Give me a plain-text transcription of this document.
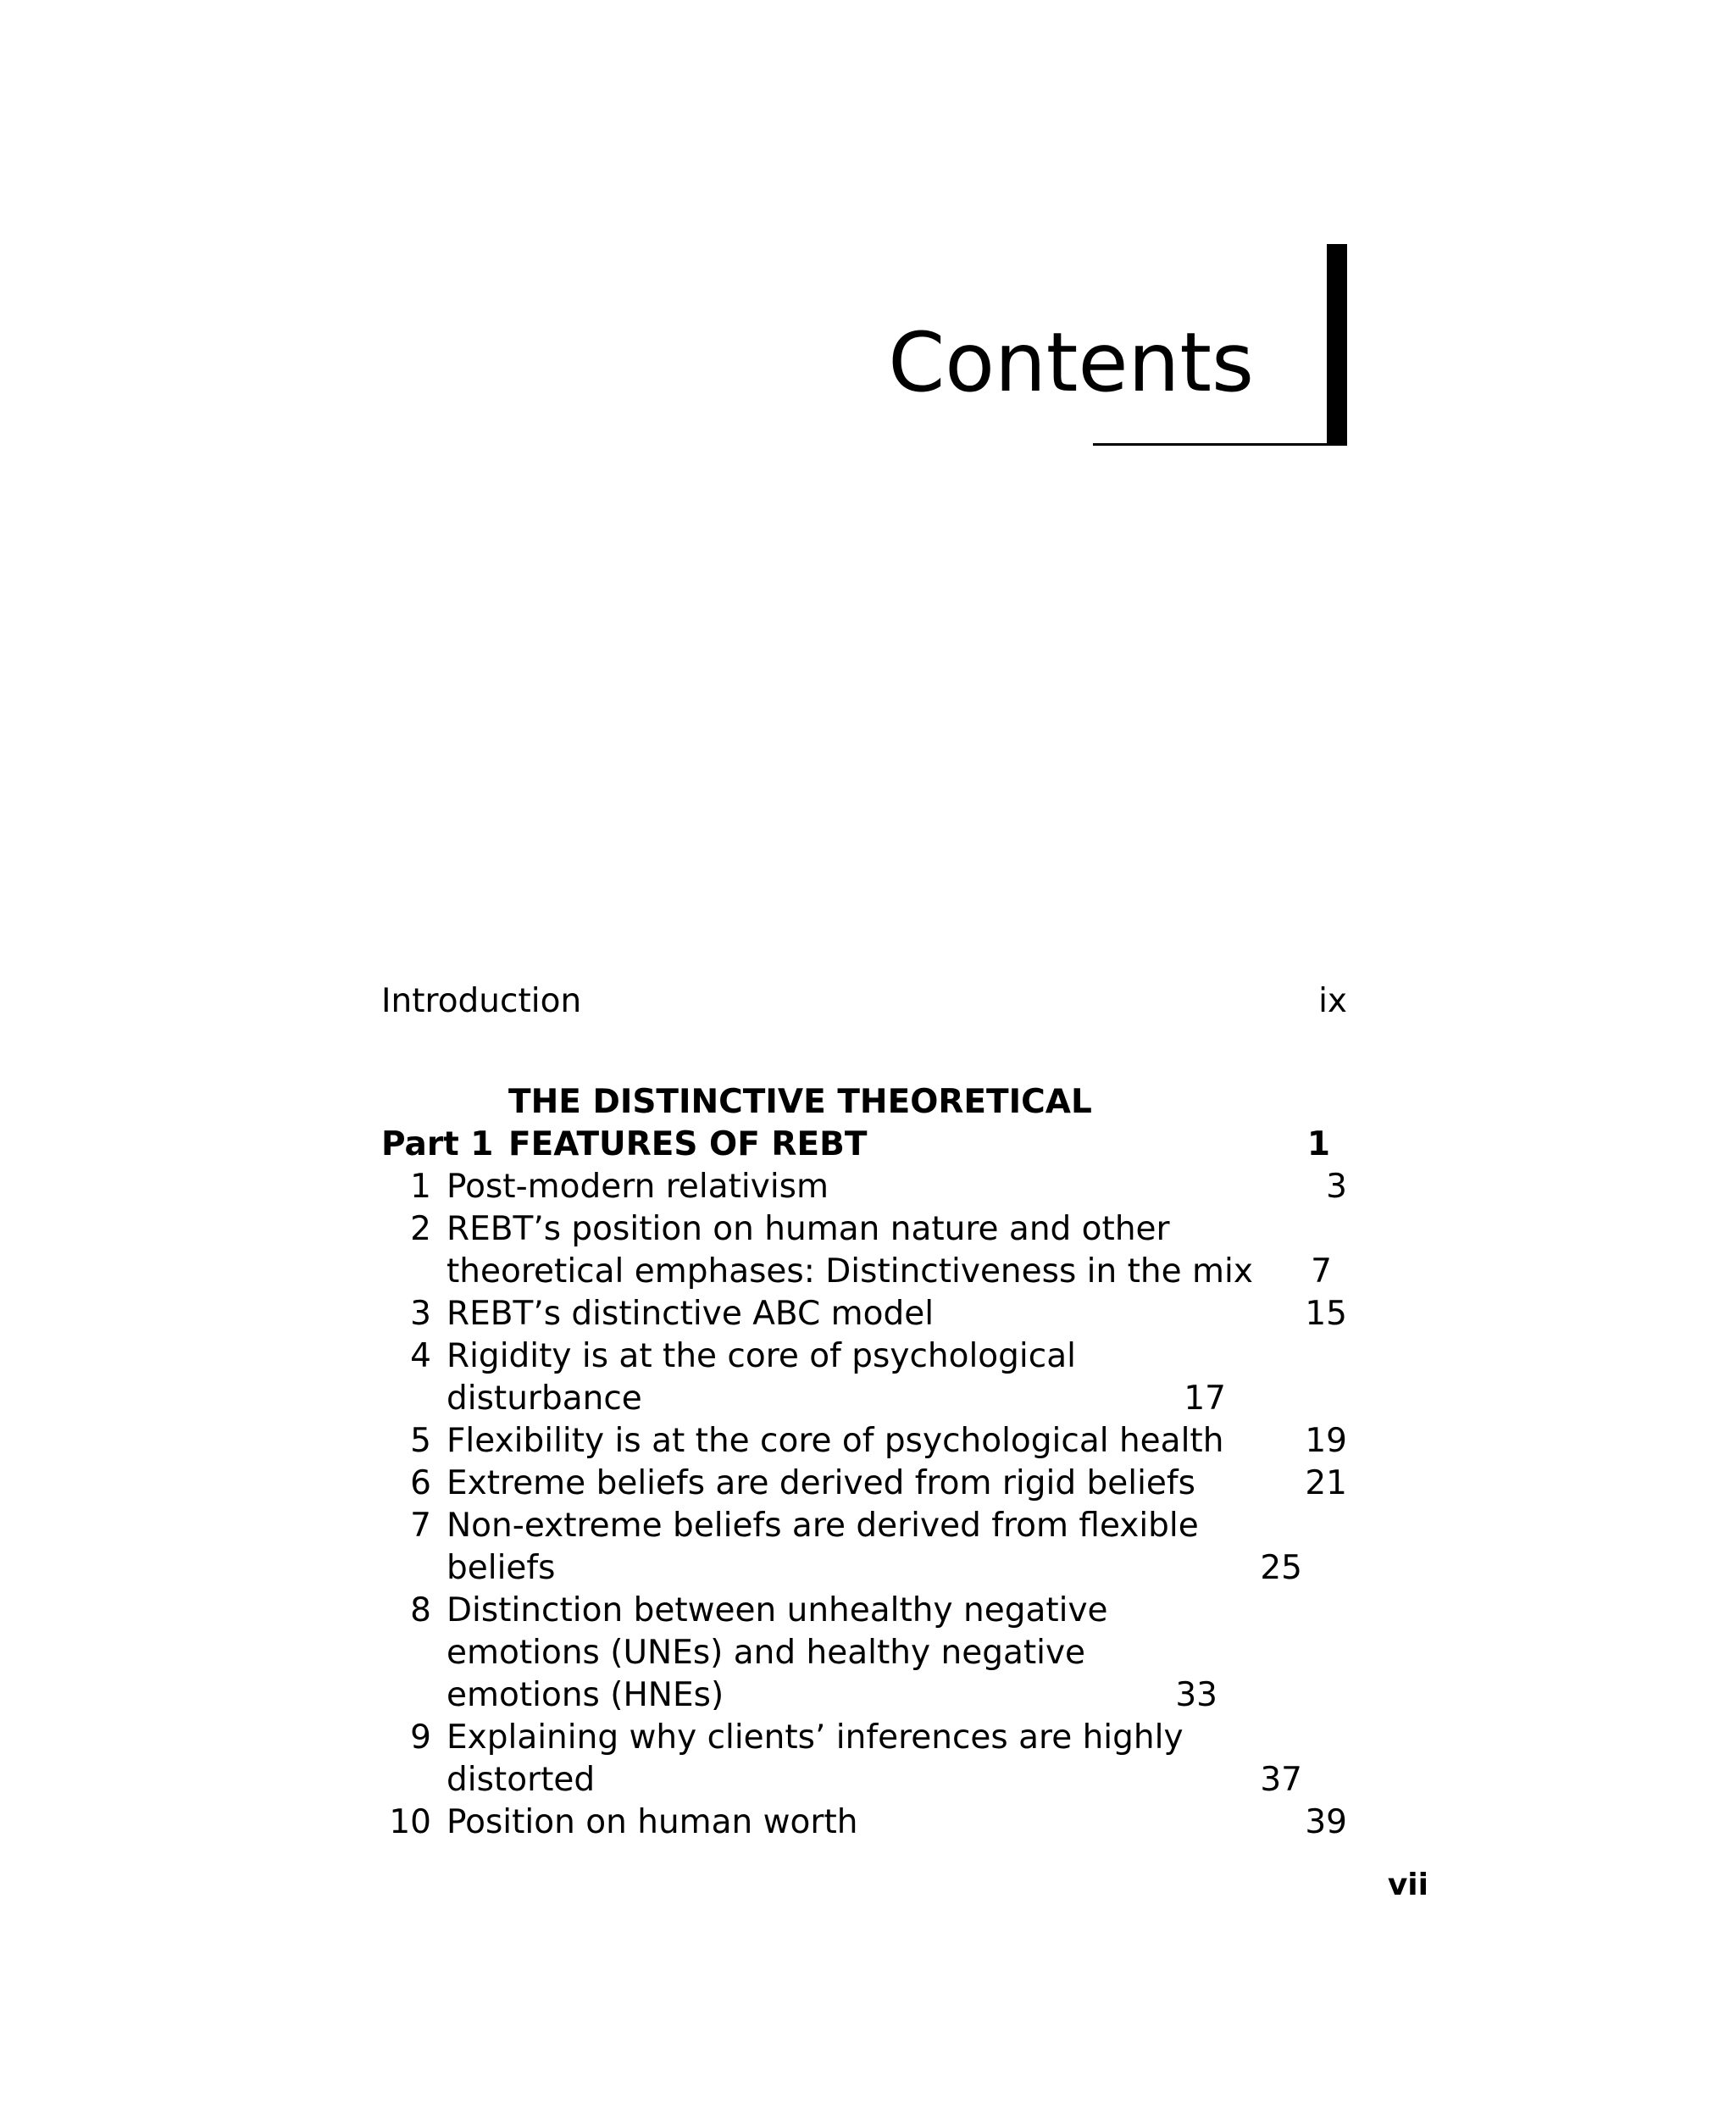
Contents
Introduction	ix
Part 1
THE DISTINCTIVE THEORETICAL FEATURES OF REBT	1
1 Post-modern relativism	3
2 REBT’s position on human nature and other theoretical emphases: Distinctiveness in the mix	7
3 REBT’s distinctive ABC model	15
4 Rigidity is at the core of psychological disturbance	17
5 Flexibility is at the core of psychological health	19
6 Extreme beliefs are derived from rigid beliefs	21
7 Non-extreme beliefs are derived from flexible beliefs	25
8 Distinction between unhealthy negative emotions (UNEs) and healthy negative emotions (HNEs)	33
9 Explaining why clients’ inferences are highly distorted	37
10 Position on human worth	39
vii
